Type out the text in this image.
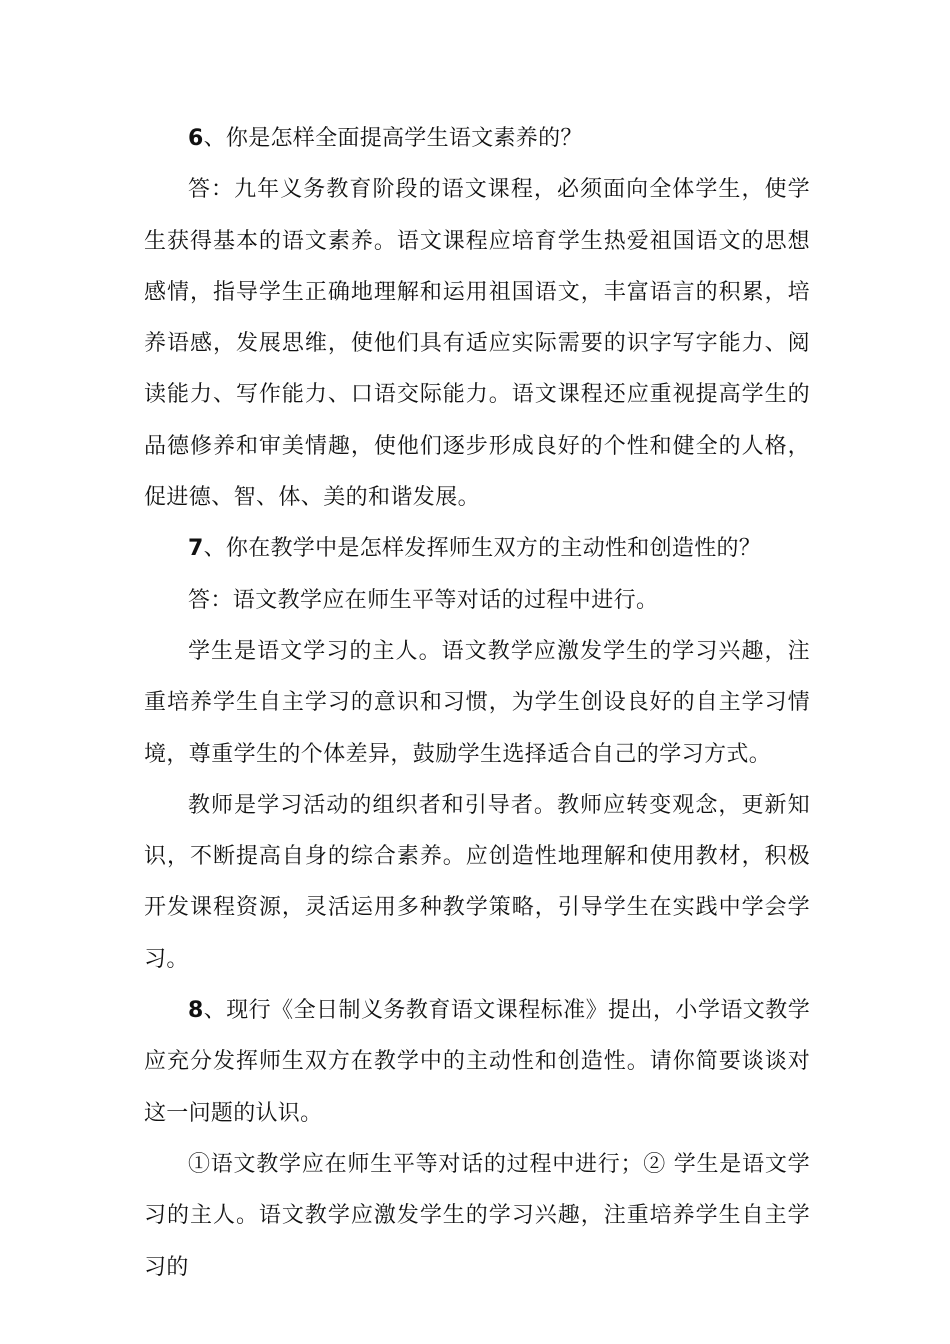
6、你是怎样全面提高学生语文素养的？

答：九年义务教育阶段的语文课程，必须面向全体学生，使学生获得基本的语文素养。语文课程应培育学生热爱祖国语文的思想感情，指导学生正确地理解和运用祖国语文，丰富语言的积累，培养语感，发展思维，使他们具有适应实际需要的识字写字能力、阅读能力、写作能力、口语交际能力。语文课程还应重视提高学生的品德修养和审美情趣，使他们逐步形成良好的个性和健全的人格，促进德、智、体、美的和谐发展。

7、你在教学中是怎样发挥师生双方的主动性和创造性的？

答：语文教学应在师生平等对话的过程中进行。

学生是语文学习的主人。语文教学应激发学生的学习兴趣，注重培养学生自主学习的意识和习惯，为学生创设良好的自主学习情境，尊重学生的个体差异，鼓励学生选择适合自己的学习方式。

教师是学习活动的组织者和引导者。教师应转变观念，更新知识，不断提高自身的综合素养。应创造性地理解和使用教材，积极开发课程资源，灵活运用多种教学策略，引导学生在实践中学会学习。

8、现行《全日制义务教育语文课程标准》提出，小学语文教学应充分发挥师生双方在教学中的主动性和创造性。请你简要谈谈对这一问题的认识。

①语文教学应在师生平等对话的过程中进行；② 学生是语文学习的主人。语文教学应激发学生的学习兴趣，注重培养学生自主学习的
